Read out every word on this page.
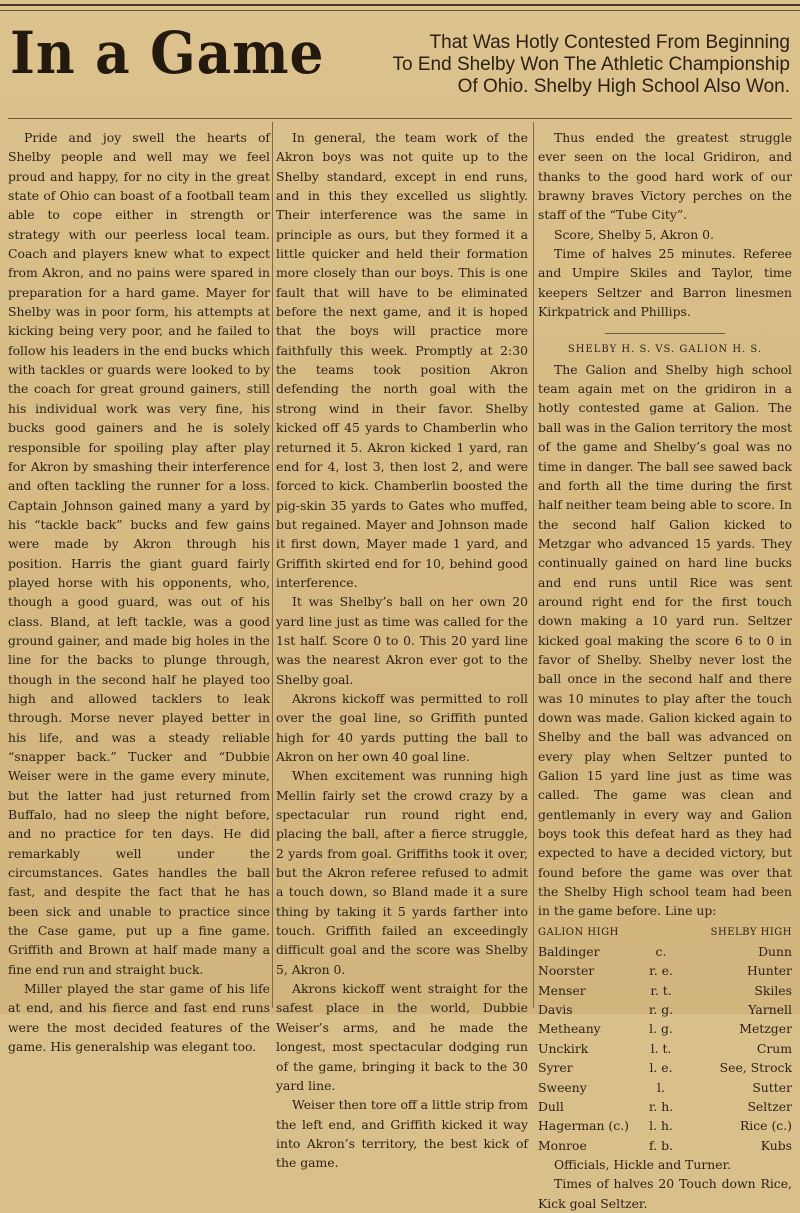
In a Game	That Was Hotly Contested From Beginning
To End Shelby Won The Athletic Championship
Of Ohio. Shelby High School Also Won.

Pride and joy swell the hearts of Shelby people and well may we feel proud and happy, for no city in the great state of Ohio can boast of a football team able to cope either in strength or strategy with our peerless local team. Coach and players knew what to expect from Akron, and no pains were spared in preparation for a hard game. Mayer for Shelby was in poor form, his attempts at kicking being very poor, and he failed to follow his leaders in the end bucks which with tackles or guards were looked to by the coach for great ground gainers, still his individual work was very fine, his bucks good gainers and he is solely responsible for spoiling play after play for Akron by smashing their interference and often tackling the runner for a loss. Captain Johnson gained many a yard by his “tackle back” bucks and few gains were made by Akron through his position. Harris the giant guard fairly played horse with his opponents, who, though a good guard, was out of his class. Bland, at left tackle, was a good ground gainer, and made big holes in the line for the backs to plunge through, though in the second half he played too high and allowed tacklers to leak through. Morse never played better in his life, and was a steady reliable “snapper back.” Tucker and “Dubbie Weiser were in the game every minute, but the latter had just returned from Buffalo, had no sleep the night before, and no practice for ten days. He did remarkably well under the circumstances. Gates handles the ball fast, and despite the fact that he has been sick and unable to practice since the Case game, put up a fine game. Griffith and Brown at half made many a fine end run and straight buck.

Miller played the star game of his life at end, and his fierce and fast end runs were the most decided features of the game. His generalship was elegant too.

In general, the team work of the Akron boys was not quite up to the Shelby standard, except in end runs, and in this they excelled us slightly. Their interference was the same in principle as ours, but they formed it a little quicker and held their formation more closely than our boys. This is one fault that will have to be eliminated before the next game, and it is hoped that the boys will practice more faithfully this week. Promptly at 2:30 the teams took position Akron defending the north goal with the strong wind in their favor. Shelby kicked off 45 yards to Chamberlin who returned it 5. Akron kicked 1 yard, ran end for 4, lost 3, then lost 2, and were forced to kick. Chamberlin boosted the pig-skin 35 yards to Gates who muffed, but regained. Mayer and Johnson made it first down, Mayer made 1 yard, and Griffith skirted end for 10, behind good interference.

It was Shelby’s ball on her own 20 yard line just as time was called for the 1st half. Score 0 to 0. This 20 yard line was the nearest Akron ever got to the Shelby goal.

Akrons kickoff was permitted to roll over the goal line, so Griffith punted high for 40 yards putting the ball to Akron on her own 40 goal line.

When excitement was running high Mellin fairly set the crowd crazy by a spectacular run round right end, placing the ball, after a fierce struggle, 2 yards from goal. Griffiths took it over, but the Akron referee refused to admit a touch down, so Bland made it a sure thing by taking it 5 yards farther into touch. Griffith failed an exceedingly difficult goal and the score was Shelby 5, Akron 0.

Akrons kickoff went straight for the safest place in the world, Dubbie Weiser’s arms, and he made the longest, most spectacular dodging run of the game, bringing it back to the 30 yard line.

Weiser then tore off a little strip from the left end, and Griffith kicked it way into Akron’s territory, the best kick of the game.

Thus ended the greatest struggle ever seen on the local Gridiron, and thanks to the good hard work of our brawny braves Victory perches on the staff of the “Tube City”.

Score, Shelby 5, Akron 0.

Time of halves 25 minutes. Referee and Umpire Skiles and Taylor, time keepers Seltzer and Barron linesmen Kirkpatrick and Phillips.

SHELBY H. S. VS. GALION H. S.

The Galion and Shelby high school team again met on the gridiron in a hotly contested game at Galion. The ball was in the Galion territory the most of the game and Shelby’s goal was no time in danger. The ball see sawed back and forth all the time during the first half neither team being able to score. In the second half Galion kicked to Metzgar who advanced 15 yards. They continually gained on hard line bucks and end runs until Rice was sent around right end for the first touch down making a 10 yard run. Seltzer kicked goal making the score 6 to 0 in favor of Shelby. Shelby never lost the ball once in the second half and there was 10 minutes to play after the touch down was made. Galion kicked again to Shelby and the ball was advanced on every play when Seltzer punted to Galion 15 yard line just as time was called. The game was clean and gentlemanly in every way and Galion boys took this defeat hard as they had expected to have a decided victory, but found before the game was over that the Shelby High school team had been in the game before. Line up:

GALION HIGH	SHELBY HIGH
Baldinger	c.	Dunn
Noorster	r. e.	Hunter
Menser	r. t.	Skiles
Davis	r. g.	Yarnell
Metheany	l. g.	Metzger
Unckirk	l. t.	Crum
Syrer	l. e.	See, Strock
Sweeny	l.	Sutter
Dull	r. h.	Seltzer
Hagerman (c.)	l. h.	Rice (c.)
Monroe	f. b.	Kubs

Officials, Hickle and Turner.

Times of halves 20 Touch down Rice, Kick goal Seltzer.
